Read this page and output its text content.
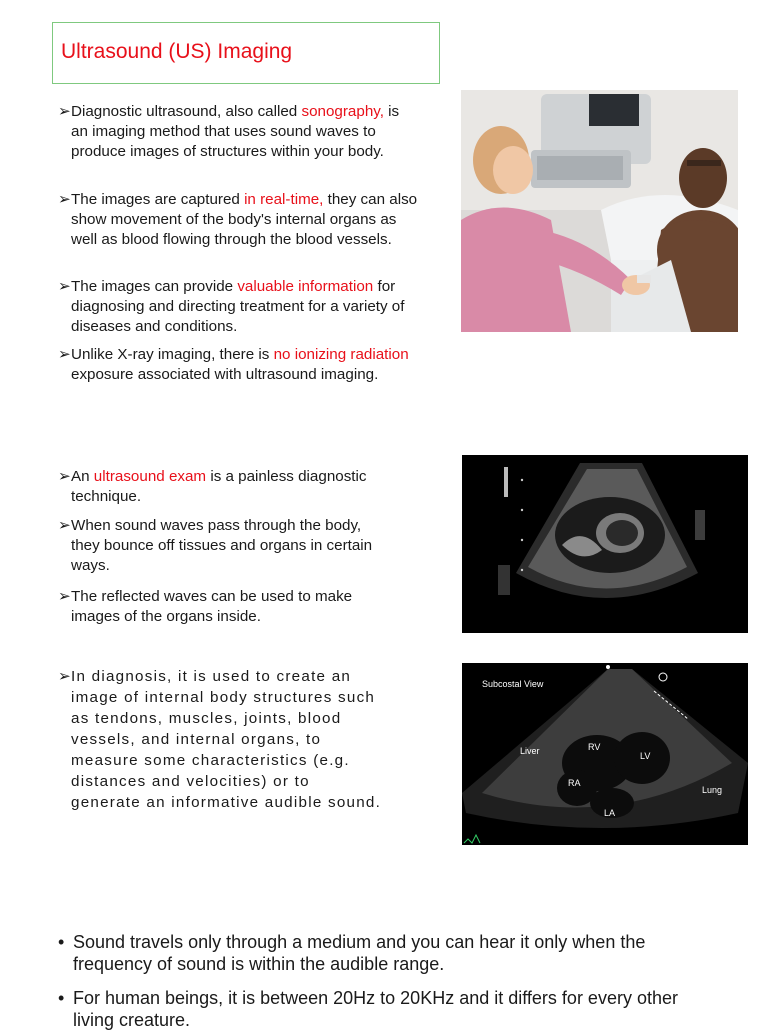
Ultrasound (US) Imaging
➢ Diagnostic ultrasound, also called sonography, is an imaging method that uses sound waves to produce images of structures within your body.
➢ The images are captured in real-time, they can also show movement of the body's internal organs as well as blood flowing through the blood vessels.
➢ The images can provide valuable information for diagnosing and directing treatment for a variety of diseases and conditions.
➢ Unlike X-ray imaging, there is no ionizing radiation exposure associated with ultrasound imaging.
➢ An ultrasound exam is a painless diagnostic technique.
➢ When sound waves pass through the body, they bounce off tissues and organs in certain ways.
➢ The reflected waves can be used to make images of the organs inside.
➢ In diagnosis, it is used to create an image of internal body structures such as tendons, muscles, joints, blood vessels, and internal organs, to measure some characteristics (e.g. distances and velocities) or to generate an informative audible sound.
• Sound travels only through a medium and you can hear it only when the frequency of sound is within the audible range.
• For human beings, it is between 20Hz to 20KHz and it differs for every other living creature.
Subcostal View
RV
LV
RA
LA
Liver
Lung
